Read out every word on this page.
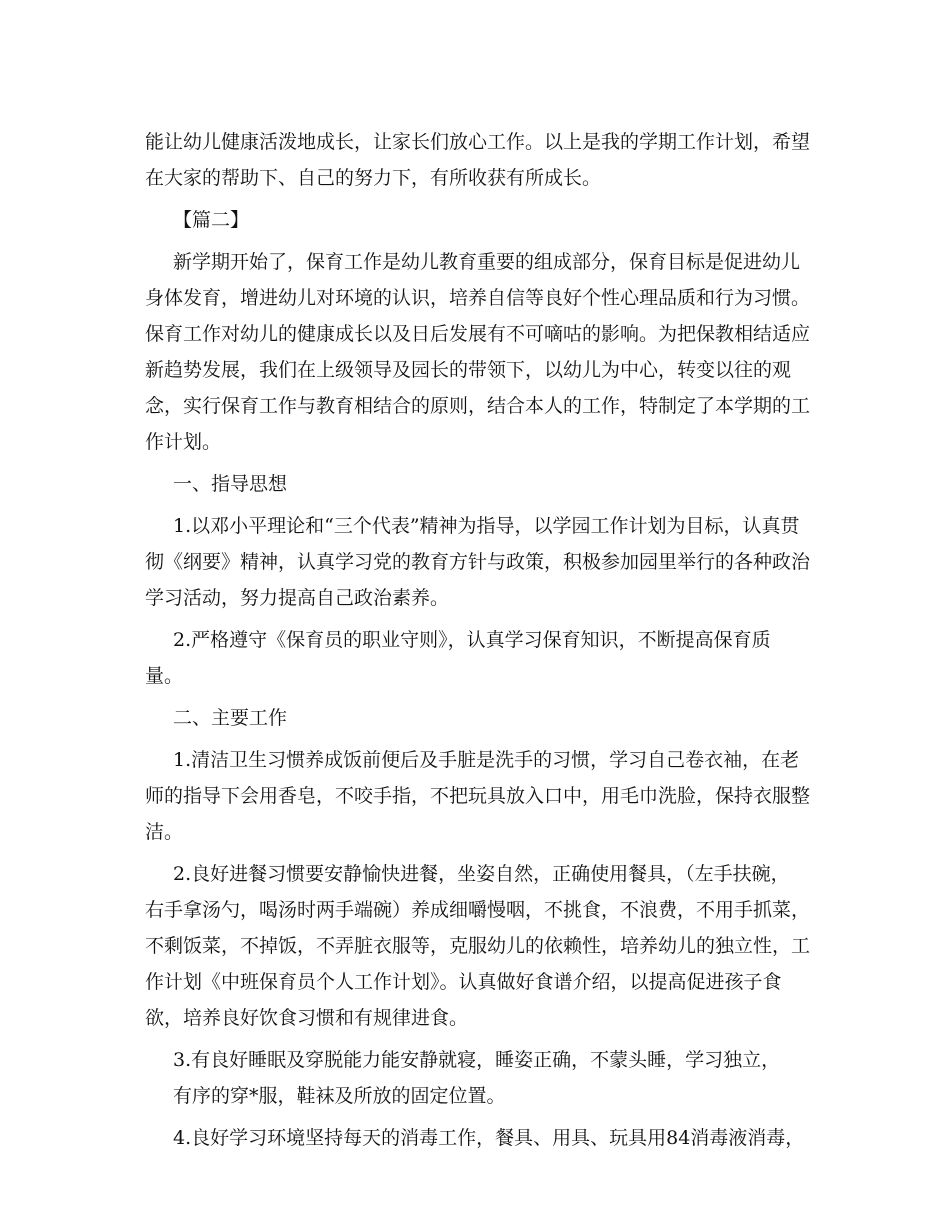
能让幼儿健康活泼地成长，让家长们放心工作。以上是我的学期工作计划，希望
在大家的帮助下、自己的努力下，有所收获有所成长。

【篇二】

新学期开始了，保育工作是幼儿教育重要的组成部分，保育目标是促进幼儿
身体发育，增进幼儿对环境的认识，培养自信等良好个性心理品质和行为习惯。
保育工作对幼儿的健康成长以及日后发展有不可嘀咕的影响。为把保教相结适应
新趋势发展，我们在上级领导及园长的带领下，以幼儿为中心，转变以往的观
念，实行保育工作与教育相结合的原则，结合本人的工作，特制定了本学期的工
作计划。

一、指导思想

1.以邓小平理论和“三个代表”精神为指导，以学园工作计划为目标，认真贯
彻《纲要》精神，认真学习党的教育方针与政策，积极参加园里举行的各种政治
学习活动，努力提高自己政治素养。

2.严格遵守《保育员的职业守则》，认真学习保育知识，不断提高保育质
量。

二、主要工作

1.清洁卫生习惯养成饭前便后及手脏是洗手的习惯，学习自己卷衣袖，在老
师的指导下会用香皂，不咬手指，不把玩具放入口中，用毛巾洗脸，保持衣服整
洁。

2.良好进餐习惯要安静愉快进餐，坐姿自然，正确使用餐具，（左手扶碗，
右手拿汤勺，喝汤时两手端碗）养成细嚼慢咽，不挑食，不浪费，不用手抓菜，
不剩饭菜，不掉饭，不弄脏衣服等，克服幼儿的依赖性，培养幼儿的独立性，工
作计划《中班保育员个人工作计划》。认真做好食谱介绍，以提高促进孩子食
欲，培养良好饮食习惯和有规律进食。

3.有良好睡眠及穿脱能力能安静就寝，睡姿正确，不蒙头睡，学习独立，
有序的穿*服，鞋袜及所放的固定位置。

4.良好学习环境坚持每天的消毒工作，餐具、用具、玩具用84消毒液消毒，
